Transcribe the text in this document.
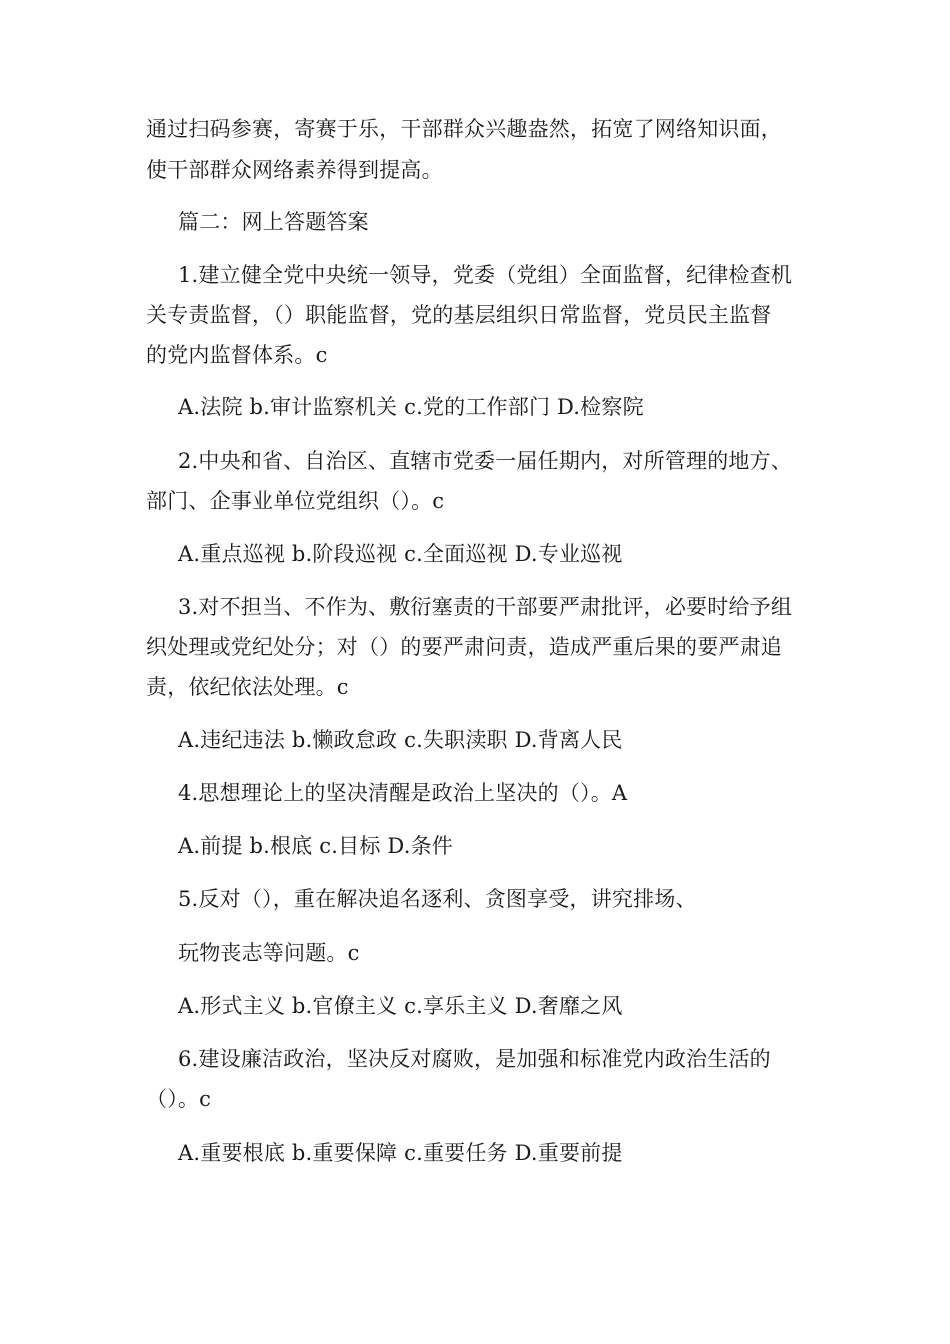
通过扫码参赛，寄赛于乐，干部群众兴趣盎然，拓宽了网络知识面，
使干部群众网络素养得到提高。
篇二：网上答题答案
1.建立健全党中央统一领导，党委（党组）全面监督，纪律检查机
关专责监督，（）职能监督，党的基层组织日常监督，党员民主监督
的党内监督体系。c
A.法院 b.审计监察机关 c.党的工作部门 D.检察院
2.中央和省、自治区、直辖市党委一届任期内，对所管理的地方、
部门、企事业单位党组织（）。c
A.重点巡视 b.阶段巡视 c.全面巡视 D.专业巡视
3.对不担当、不作为、敷衍塞责的干部要严肃批评，必要时给予组
织处理或党纪处分；对（）的要严肃问责，造成严重后果的要严肃追
责，依纪依法处理。c
A.违纪违法 b.懒政怠政 c.失职渎职 D.背离人民
4.思想理论上的坚决清醒是政治上坚决的（）。A
A.前提 b.根底 c.目标 D.条件
5.反对（），重在解决追名逐利、贪图享受，讲究排场、
玩物丧志等问题。c
A.形式主义 b.官僚主义 c.享乐主义 D.奢靡之风
6.建设廉洁政治，坚决反对腐败，是加强和标准党内政治生活的
（）。c
A.重要根底 b.重要保障 c.重要任务 D.重要前提
